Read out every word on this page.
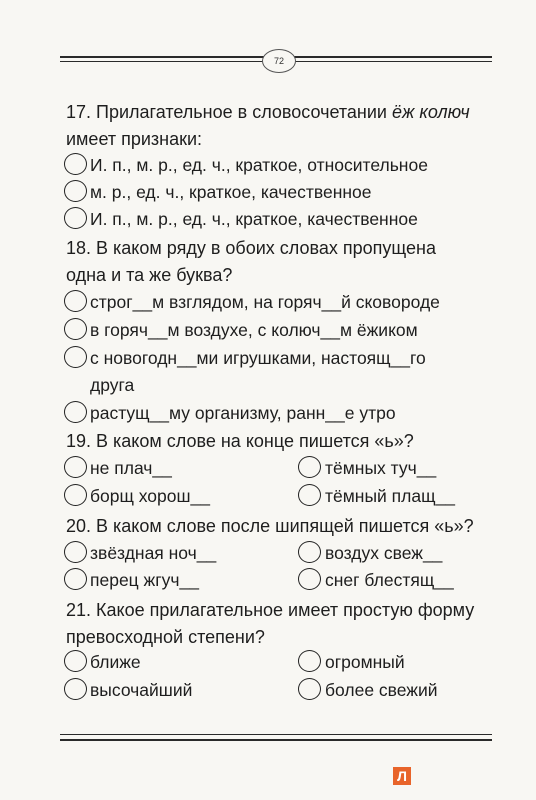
72
17. Прилагательное в словосочетании ёж колюч
имеет признаки:
И. п., м. р., ед. ч., краткое, относительное
м. р., ед. ч., краткое, качественное
И. п., м. р., ед. ч., краткое, качественное
18. В каком ряду в обоих словах пропущена
одна и та же буква?
строг__м взглядом, на горяч__й сковороде
в горяч__м воздухе, с колюч__м ёжиком
с новогодн__ми игрушками, настоящ__го
друга
растущ__му организму, ранн__е утро
19. В каком слове на конце пишется «ь»?
не плач__	тёмных туч__
борщ хорош__	тёмный плащ__
20. В каком слове после шипящей пишется «ь»?
звёздная ноч__	воздух свеж__
перец жгуч__	снег блестящ__
21. Какое прилагательное имеет простую форму
превосходной степени?
ближе	огромный
высочайший	более свежий
Л
